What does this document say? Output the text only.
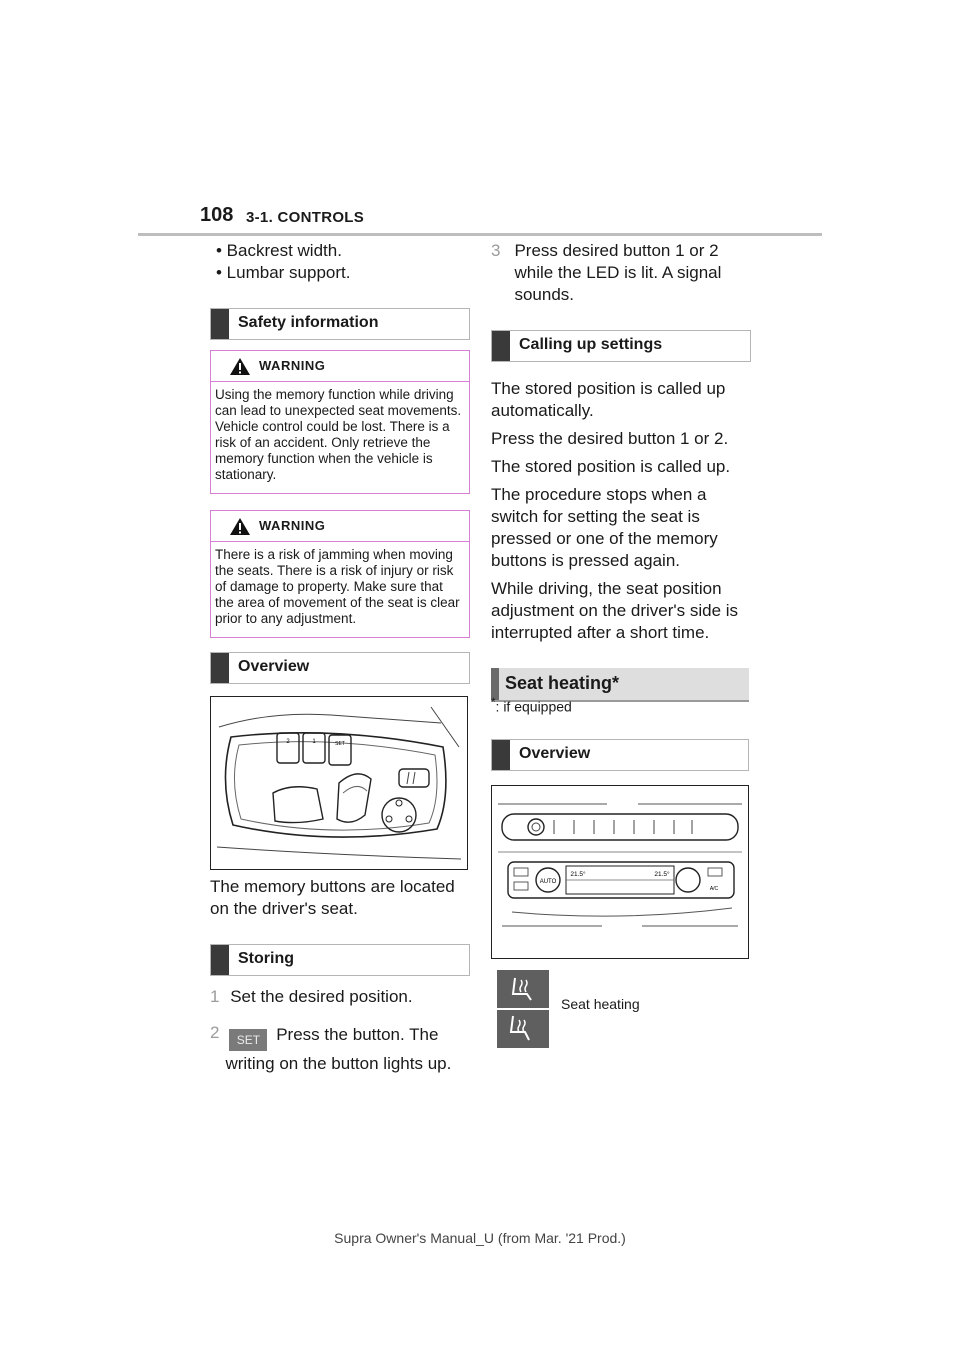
108 3-1. CONTROLS
• Backrest width.
• Lumbar support.
Safety information
WARNING
Using the memory function while driving can lead to unexpected seat movements. Vehicle control could be lost. There is a risk of an accident. Only retrieve the memory function when the vehicle is stationary.
WARNING
There is a risk of jamming when moving the seats. There is a risk of injury or risk of damage to property. Make sure that the area of movement of the seat is clear prior to any adjustment.
Overview
2	1	SET
The memory buttons are located on the driver's seat.
Storing
1 Set the desired position.
2	SET Press the button. The writing on the button lights up.
3 Press desired button 1 or 2 while the LED is lit. A signal sounds.
Calling up settings
The stored position is called up automatically.
Press the desired button 1 or 2.
The stored position is called up.
The procedure stops when a switch for setting the seat is pressed or one of the memory buttons is pressed again.
While driving, the seat position adjustment on the driver's side is interrupted after a short time.
Seat heating*
*: if equipped
Overview
AUTO
A/C
21.5°	21.5°
Seat heating
Supra Owner's Manual_U (from Mar. '21 Prod.)
